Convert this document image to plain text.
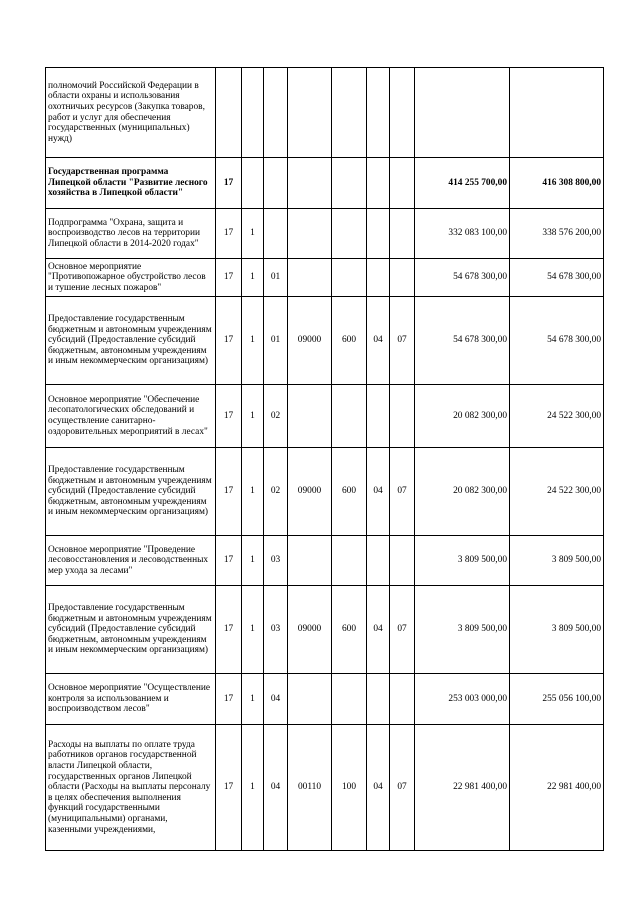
полномочий Российской Федерации в области охраны и использования охотничьих ресурсов (Закупка товаров, работ и услуг для обеспечения государственных (муниципальных) нужд)									
Государственная программа Липецкой области "Развитие лесного хозяйства в Липецкой области"	17							414 255 700,00	416 308 800,00
Подпрограмма "Охрана, защита и воспроизводство лесов на территории Липецкой области в 2014-2020 годах"	17	1						332 083 100,00	338 576 200,00
Основное мероприятие "Противопожарное обустройство лесов и тушение лесных пожаров"	17	1	01					54 678 300,00	54 678 300,00
Предоставление государственным бюджетным и автономным учреждениям субсидий (Предоставление субсидий бюджетным, автономным учреждениям и иным некоммерческим организациям)	17	1	01	09000	600	04	07	54 678 300,00	54 678 300,00
Основное мероприятие "Обеспечение лесопатологических обследований и осуществление санитарно-оздоровительных мероприятий в лесах"	17	1	02					20 082 300,00	24 522 300,00
Предоставление государственным бюджетным и автономным учреждениям субсидий (Предоставление субсидий бюджетным, автономным учреждениям и иным некоммерческим организациям)	17	1	02	09000	600	04	07	20 082 300,00	24 522 300,00
Основное мероприятие "Проведение лесовосстановления и лесоводственных мер ухода за лесами"	17	1	03					3 809 500,00	3 809 500,00
Предоставление государственным бюджетным и автономным учреждениям субсидий (Предоставление субсидий бюджетным, автономным учреждениям и иным некоммерческим организациям)	17	1	03	09000	600	04	07	3 809 500,00	3 809 500,00
Основное мероприятие "Осуществление контроля за использованием и воспроизводством лесов"	17	1	04					253 003 000,00	255 056 100,00
Расходы на выплаты по оплате труда работников органов государственной власти Липецкой области, государственных органов Липецкой области (Расходы на выплаты персоналу в целях обеспечения выполнения функций государственными (муниципальными) органами, казенными учреждениями,	17	1	04	00110	100	04	07	22 981 400,00	22 981 400,00
